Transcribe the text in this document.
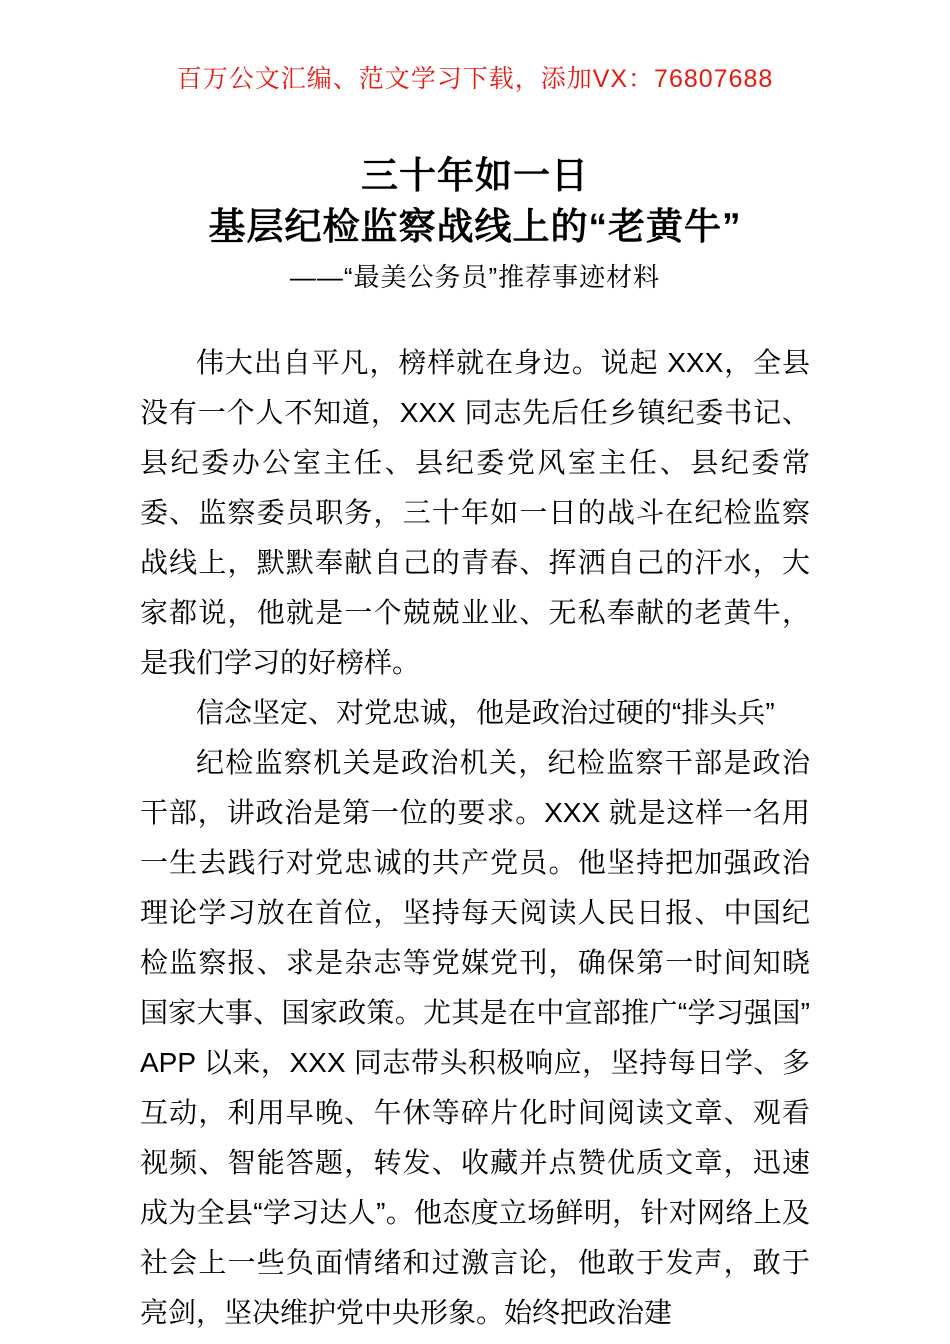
百万公文汇编、范文学习下载，添加VX：76807688
三十年如一日
基层纪检监察战线上的“老黄牛”
——“最美公务员”推荐事迹材料

伟大出自平凡，榜样就在身边。说起 XXX，全县没有一个人不知道，XXX 同志先后任乡镇纪委书记、县纪委办公室主任、县纪委党风室主任、县纪委常委、监察委员职务，三十年如一日的战斗在纪检监察战线上，默默奉献自己的青春、挥洒自己的汗水，大家都说，他就是一个兢兢业业、无私奉献的老黄牛，是我们学习的好榜样。

信念坚定、对党忠诚，他是政治过硬的“排头兵”

纪检监察机关是政治机关，纪检监察干部是政治干部，讲政治是第一位的要求。XXX 就是这样一名用一生去践行对党忠诚的共产党员。他坚持把加强政治理论学习放在首位，坚持每天阅读人民日报、中国纪检监察报、求是杂志等党媒党刊，确保第一时间知晓国家大事、国家政策。尤其是在中宣部推广“学习强国”APP 以来，XXX 同志带头积极响应，坚持每日学、多互动，利用早晚、午休等碎片化时间阅读文章、观看视频、智能答题，转发、收藏并点赞优质文章，迅速成为全县“学习达人”。他态度立场鲜明，针对网络上及社会上一些负面情绪和过激言论，他敢于发声，敢于亮剑，坚决维护党中央形象。始终把政治建
